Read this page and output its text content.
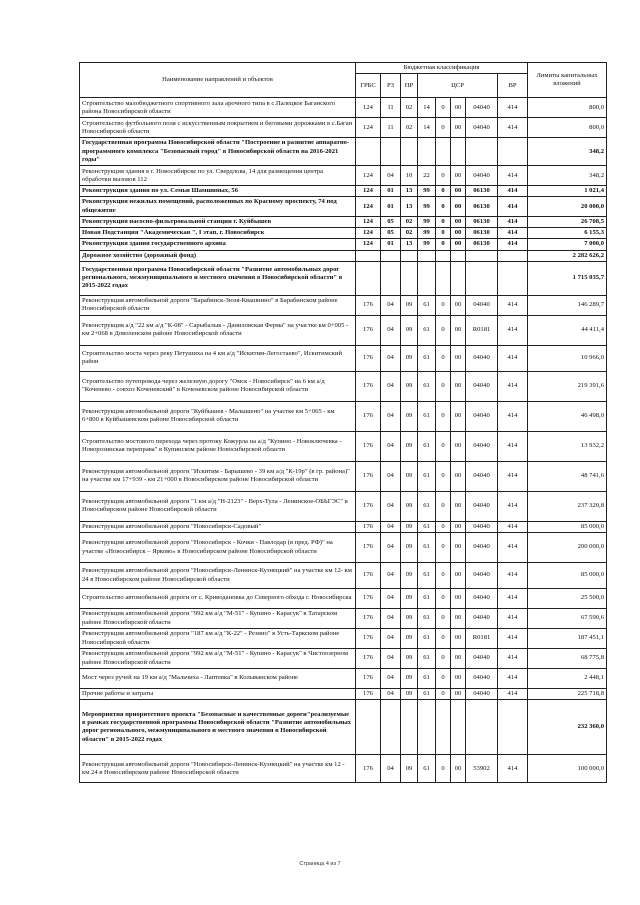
Наименование направлений и объектов	Бюджетная классификация								Лимиты капитальных вложений
	ГРБС	РЗ	ПР	ЦСР				ВР	
Строительство малобюджетного спортивного зала арочного типа в с.Палецкое Баганского района Новосибирской области	124	11	02	14	0	00	04040	414	800,0
Строительство футбольного поля с искусственным покрытием и беговыми дорожками в с.Баган Новосибирской области	124	11	02	14	0	00	04040	414	800,0
Государственная программа Новосибирской области "Построение и развитие аппаратно-программного комплекса "Безопасный город" в Новосибирской области на 2016-2021 годы"									348,2
Реконструкция здания в г. Новосибирске по ул. Свердлова, 14 для размещения центра обработки вызовов 112	124	04	10	22	0	00	04040	414	348,2
Реконструкция здания по ул. Семьи Шамшиных, 56	124	01	13	99	0	00	06130	414	1 021,4
Реконструкция нежилых помещений, расположенных по Красному проспекту, 74 под общежитие	124	01	13	99	0	00	06130	414	20 000,0
Реконструкция насосно-фильтровальной станции г. Куйбышев	124	05	02	99	0	00	06130	414	26 708,5
Новая Подстанция "Академическая ", I этап, г. Новосибирск	124	05	02	99	0	00	06130	414	6 155,3
Реконструкция здания государственного архива	124	01	13	99	0	00	06130	414	7 000,0
Дорожное хозяйство (дорожный фонд)									2 282 626,2
Государственная программа Новосибирской области "Развитие автомобильных дорог регионального, межмуниципального и местного значения в Новосибирской области" в 2015-2022 годах									1 715 035,7
Реконструкция автомобильной дороги "Барабинск-Зюзя-Квашнино" в Барабинском районе Новосибирской области	176	04	09	61	0	00	04040	414	146 289,7
Реконструкция а/д "22 км а/д "К-08" - Сарыбалык - Даниловская Ферма" на участке км 0+005 - км 2+068 в Доволенском районе Новосибирской области	176	04	09	61	0	00	R0181	414	44 411,4
Строительство моста через реку Петушиха на 4 км а/д "Искитим-Легостаево", Искитимский район	176	04	09	61	0	00	04040	414	10 966,0
Строительство путепровода через железную дорогу "Омск - Новосибирск" на 6 км а/д "Коченево - совхоз Коченевский" в Коченевском районе Новосибирской области	176	04	09	61	0	00	04040	414	219 391,6
Реконструкция автомобильной дороги "Куйбышев - Малышено" на участке км 5+065 - км 6+800 в Куйбышевском районе Новосибирской области	176	04	09	61	0	00	04040	414	46 498,0
Строительство мостового перехода через протоку Кожурла на а/д "Купино - Новоключевка - Новорозинская переправа" в Купинском районе Новосибирской области	176	04	09	61	0	00	04040	414	13 932,2
Реконструкция автомобильной дороги "Искитим - Барышево - 39 км а/д "К-19р" (в гр. района)" на участке км 17+939 - км 21+000 в Новосибирском районе Новосибирской области	176	04	09	61	0	00	04040	414	48 741,6
Реконструкция автомобильной дороги "1 км а/д "Н-2123" - Верх-Тула - Ленинское-ОБЬГЭС" в Новосибирском районе Новосибирской области	176	04	09	61	0	00	04040	414	237 320,8
Реконструкция автомобильной дороги "Новосибирск-Садовый"	176	04	09	61	0	00	04040	414	85 000,0
Реконструкция автомобильной дороги "Новосибирск - Кочки - Павлодар (в пред. РФ)" на участке «Новосибирск – Ярково» в Новосибирском районе Новосибирской области	176	04	09	61	0	00	04040	414	200 000,0
Реконструкция автомобильной дороги "Новосибирск-Ленинск-Кузнецкий" на участке км 12- км 24 в Новосибирском районе Новосибирской области	176	04	09	61	0	00	04040	414	85 000,0
Строительство автомобильной дороги от с. Криводановка до Северного обхода г. Новосибирска	176	04	09	61	0	00	04040	414	25 500,0
Реконструкция автомобильной дороги "992 км а/д "М-51" - Купино - Карасук" в Татарском районе Новосибирской области	176	04	09	61	0	00	04040	414	67 590,6
Реконструкция автомобильной дороги "187 км а/д "К-22" - Резино" в Усть-Таркском районе Новосибирской области	176	04	09	61	0	00	R0181	414	187 451,1
Реконструкция автомобильной дороги "992 км а/д "М-51" - Купино - Карасук" в Чистоозерном районе Новосибирской области	176	04	09	61	0	00	04040	414	68 775,8
Мост через ручей на 19 км а/д "Мальчиха - Лаптевка" в Колыванском районе	176	04	09	61	0	00	04040	414	2 448,1
Прочие работы и затраты	176	04	09	61	0	00	04040	414	225 718,8
Мероприятия приоритетного проекта "Безопасные и качественные дороги"реализуемые в рамках государственной программы Новосибирской области "Развитие автомобильных дорог регионального, межмуниципального и местного значения в Новосибирской области" в 2015-2022 годах									232 360,0
Реконструкция автомобильной дороги "Новосибирск-Ленинск-Кузнецкий" на участке км 12 - км 24 в Новосибирском районе Новосибирской области	176	04	09	61	0	00	53902	414	100 000,0
Страница 4 из 7
